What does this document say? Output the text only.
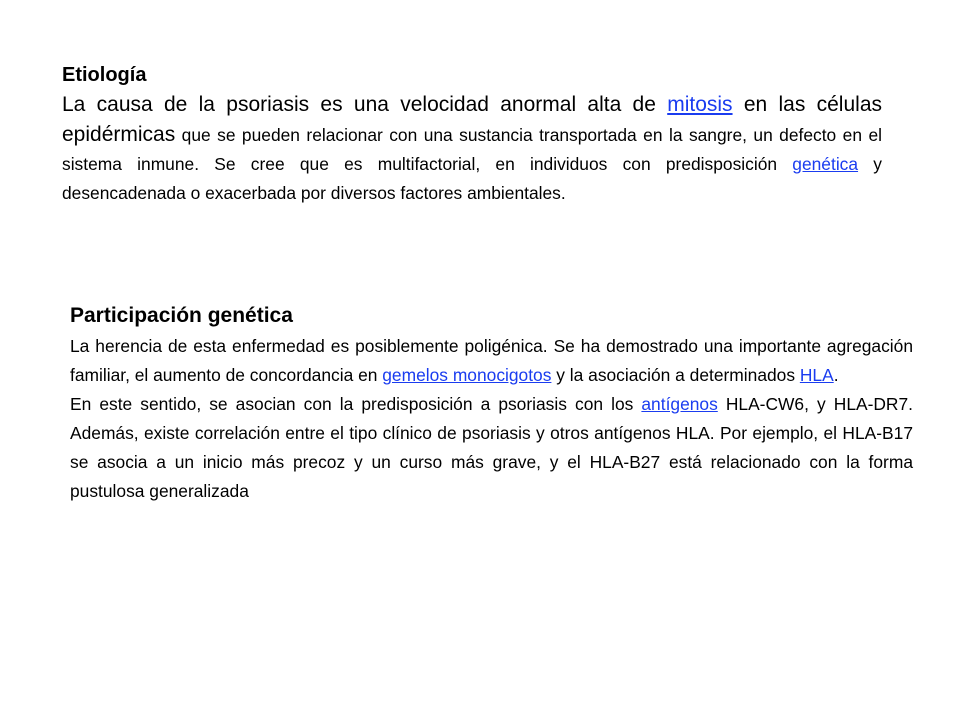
Etiología

La causa de la psoriasis es una velocidad anormal alta de mitosis en las células epidérmicas que se pueden relacionar con una sustancia transportada en la sangre, un defecto en el sistema inmune. Se cree que es multifactorial, en individuos con predisposición genética y desencadenada o exacerbada por diversos factores ambientales.

Participación genética

La herencia de esta enfermedad es posiblemente poligénica. Se ha demostrado una importante agregación familiar, el aumento de concordancia en gemelos monocigotos y la asociación a determinados HLA.

En este sentido, se asocian con la predisposición a psoriasis con los antígenos HLA-CW6, y HLA-DR7. Además, existe correlación entre el tipo clínico de psoriasis y otros antígenos HLA. Por ejemplo, el HLA-B17 se asocia a un inicio más precoz y un curso más grave, y el HLA-B27 está relacionado con la forma pustulosa generalizada
